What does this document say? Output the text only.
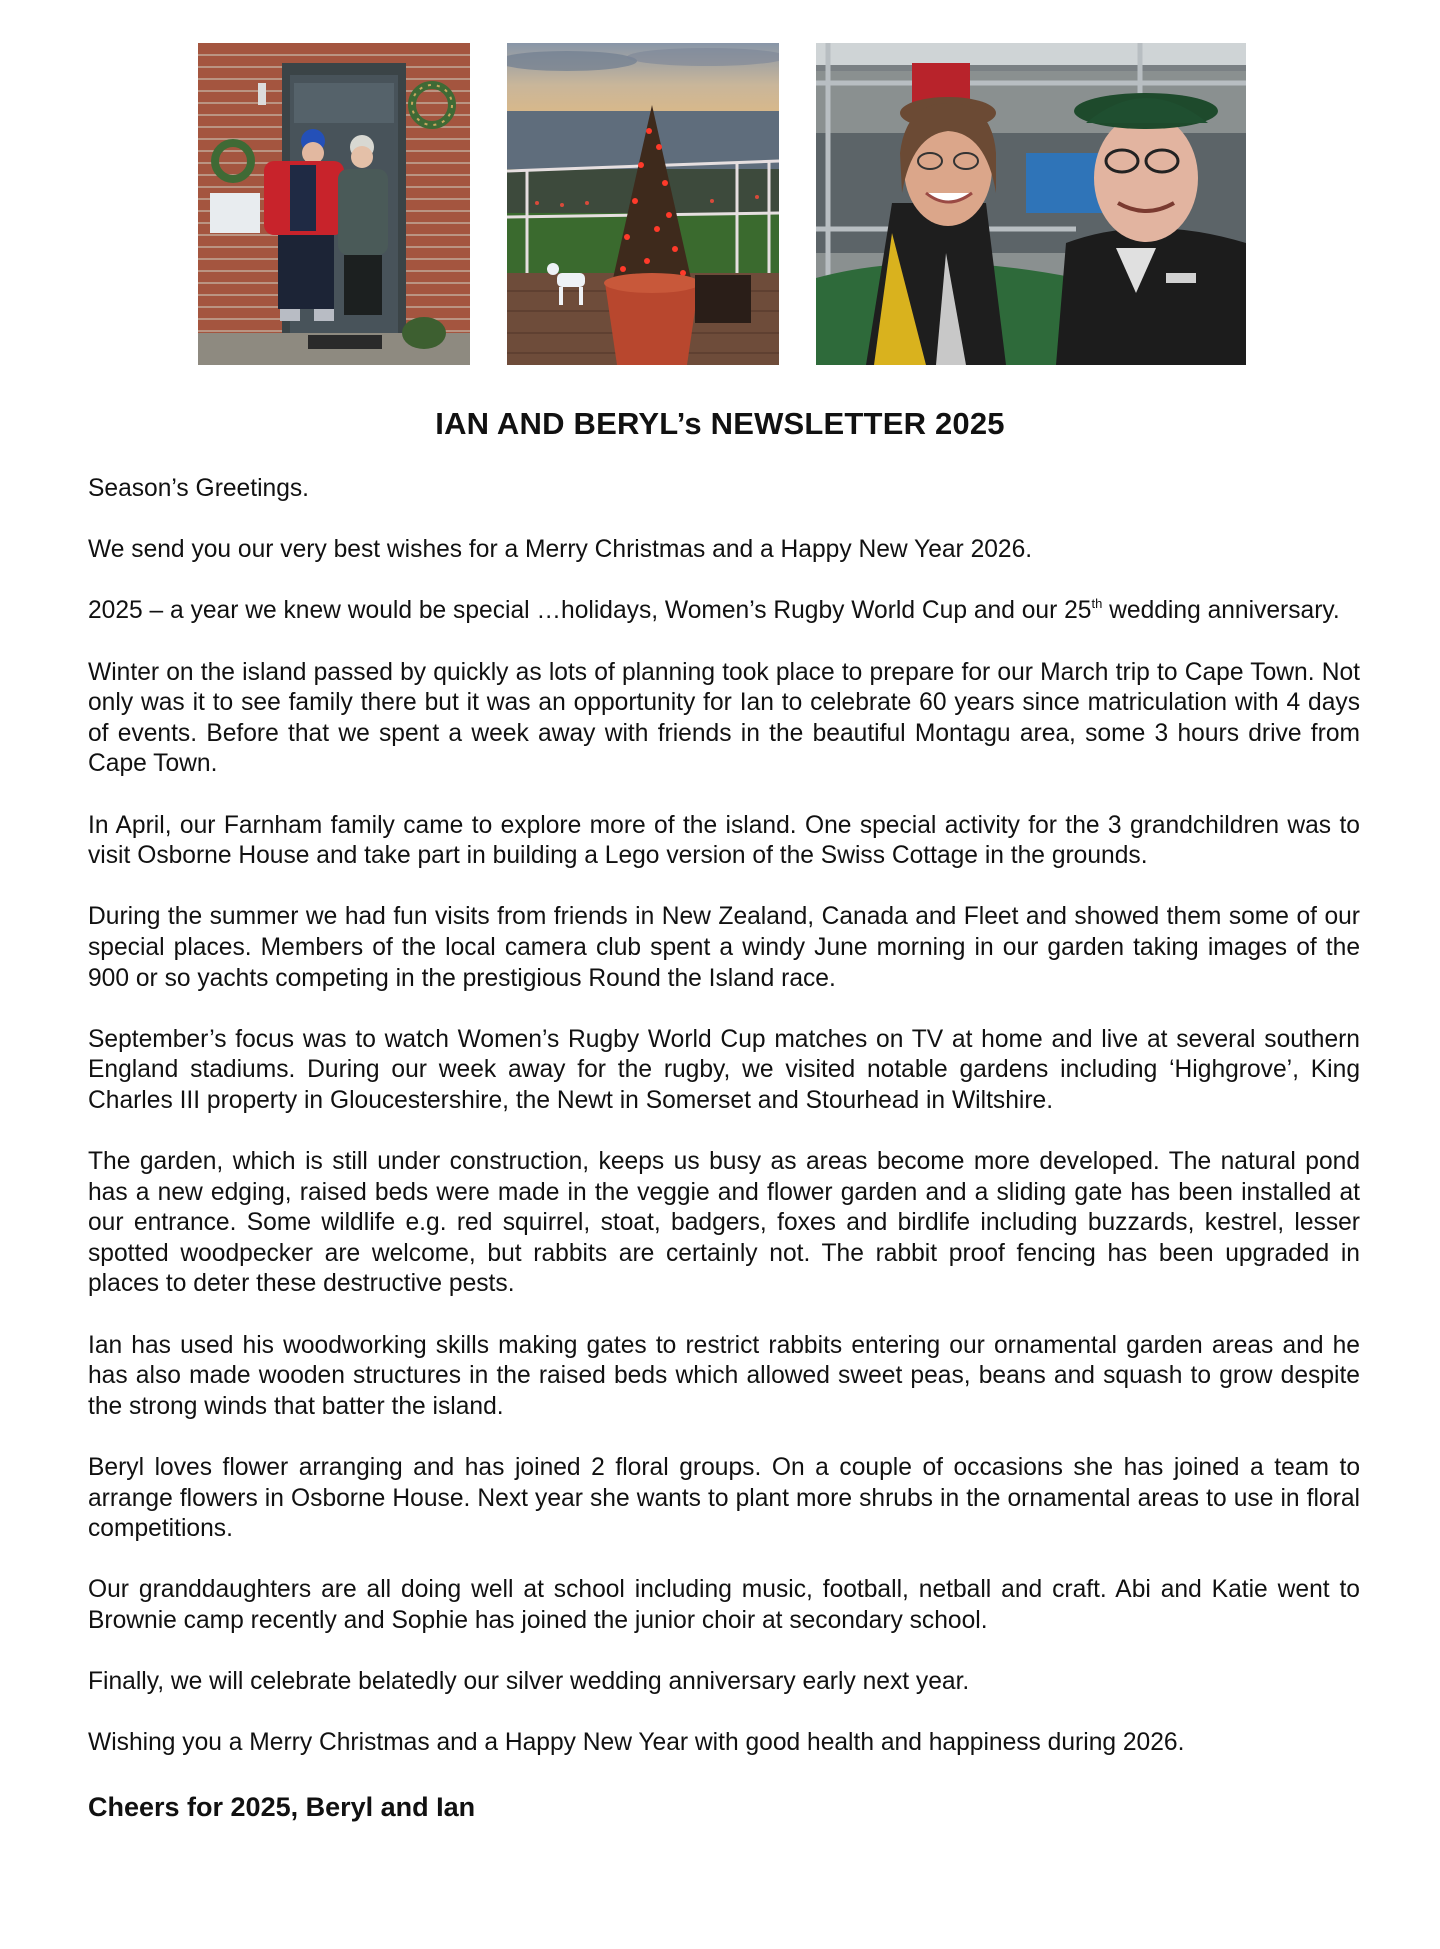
IAN AND BERYL’s NEWSLETTER 2025

Season’s Greetings.

We send you our very best wishes for a Merry Christmas and a Happy New Year 2026.

2025 – a year we knew would be special …holidays, Women’s Rugby World Cup and our 25th wedding anniversary.

Winter on the island passed by quickly as lots of planning took place to prepare for our March trip to Cape Town. Not only was it to see family there but it was an opportunity for Ian to celebrate 60 years since matriculation with 4 days of events. Before that we spent a week away with friends in the beautiful Montagu area, some 3 hours drive from Cape Town.

In April, our Farnham family came to explore more of the island. One special activity for the 3 grandchildren was to visit Osborne House and take part in building a Lego version of the Swiss Cottage in the grounds.

During the summer we had fun visits from friends in New Zealand, Canada and Fleet and showed them some of our special places. Members of the local camera club spent a windy June morning in our garden taking images of the 900 or so yachts competing in the prestigious Round the Island race.

September’s focus was to watch Women’s Rugby World Cup matches on TV at home and live at several southern England stadiums. During our week away for the rugby, we visited notable gardens including ‘Highgrove’, King Charles III property in Gloucestershire, the Newt in Somerset and Stourhead in Wiltshire.

The garden, which is still under construction, keeps us busy as areas become more developed. The natural pond has a new edging, raised beds were made in the veggie and flower garden and a sliding gate has been installed at our entrance. Some wildlife e.g. red squirrel, stoat, badgers, foxes and birdlife including buzzards, kestrel, lesser spotted woodpecker are welcome, but rabbits are certainly not. The rabbit proof fencing has been upgraded in places to deter these destructive pests.

Ian has used his woodworking skills making gates to restrict rabbits entering our ornamental garden areas and he has also made wooden structures in the raised beds which allowed sweet peas, beans and squash to grow despite the strong winds that batter the island.

Beryl loves flower arranging and has joined 2 floral groups. On a couple of occasions she has joined a team to arrange flowers in Osborne House. Next year she wants to plant more shrubs in the ornamental areas to use in floral competitions.

Our granddaughters are all doing well at school including music, football, netball and craft. Abi and Katie went to Brownie camp recently and Sophie has joined the junior choir at secondary school.

Finally, we will celebrate belatedly our silver wedding anniversary early next year.

Wishing you a Merry Christmas and a Happy New Year with good health and happiness during 2026.

Cheers for 2025, Beryl and Ian
